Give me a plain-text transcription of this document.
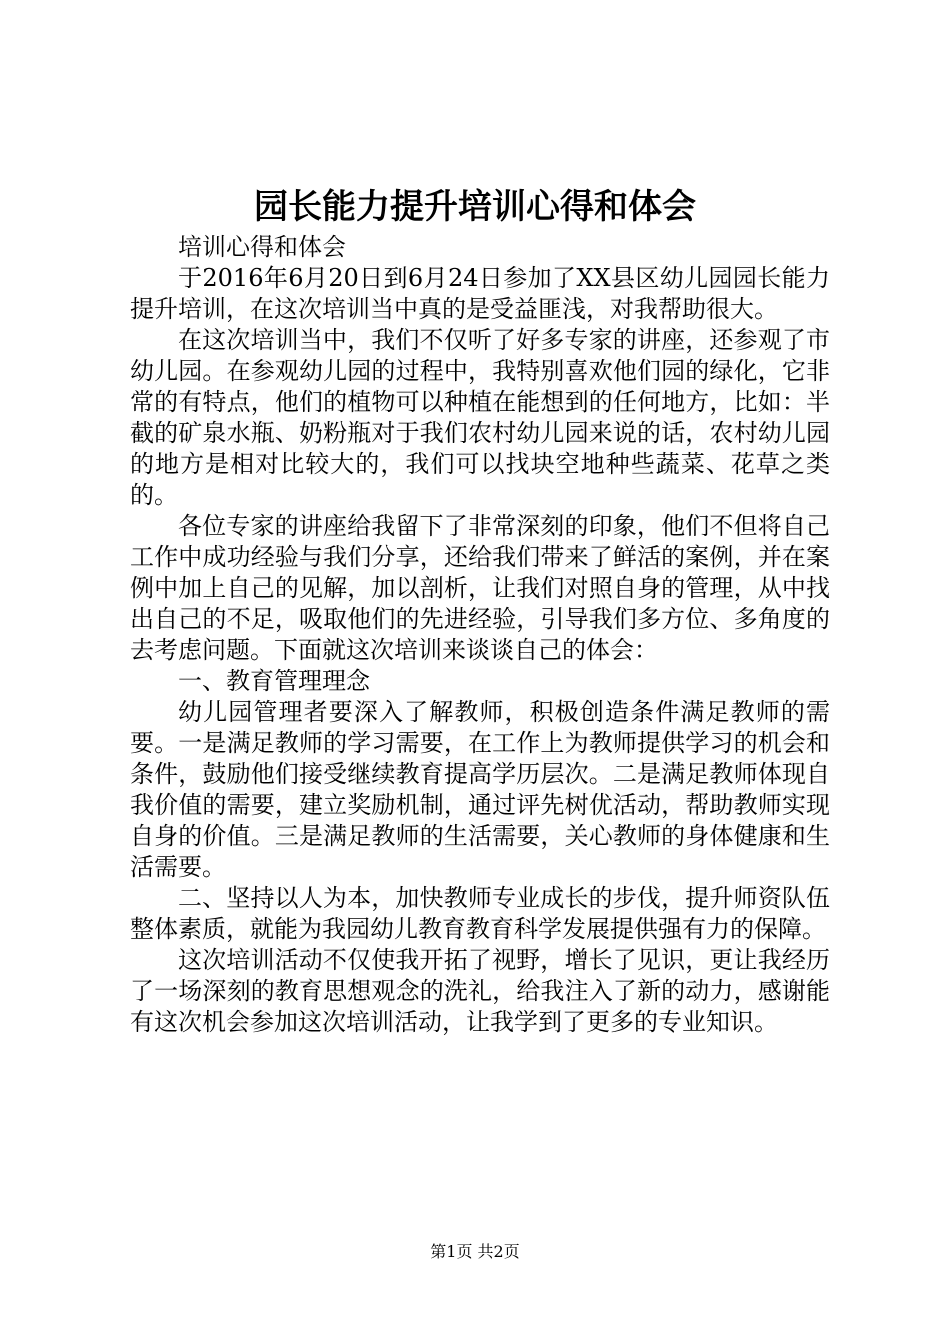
园长能力提升培训心得和体会

培训心得和体会

于2016年6月20日到6月24日参加了XX县区幼儿园园长能力提升培训，在这次培训当中真的是受益匪浅，对我帮助很大。

在这次培训当中，我们不仅听了好多专家的讲座，还参观了市幼儿园。在参观幼儿园的过程中，我特别喜欢他们园的绿化，它非常的有特点，他们的植物可以种植在能想到的任何地方，比如：半截的矿泉水瓶、奶粉瓶对于我们农村幼儿园来说的话，农村幼儿园的地方是相对比较大的，我们可以找块空地种些蔬菜、花草之类的。

各位专家的讲座给我留下了非常深刻的印象，他们不但将自己工作中成功经验与我们分享，还给我们带来了鲜活的案例，并在案例中加上自己的见解，加以剖析，让我们对照自身的管理，从中找出自己的不足，吸取他们的先进经验，引导我们多方位、多角度的去考虑问题。下面就这次培训来谈谈自己的体会：

一、教育管理理念

幼儿园管理者要深入了解教师，积极创造条件满足教师的需要。一是满足教师的学习需要，在工作上为教师提供学习的机会和条件，鼓励他们接受继续教育提高学历层次。二是满足教师体现自我价值的需要，建立奖励机制，通过评先树优活动，帮助教师实现自身的价值。三是满足教师的生活需要，关心教师的身体健康和生活需要。

二、坚持以人为本，加快教师专业成长的步伐，提升师资队伍整体素质，就能为我园幼儿教育教育科学发展提供强有力的保障。

这次培训活动不仅使我开拓了视野，增长了见识，更让我经历了一场深刻的教育思想观念的洗礼，给我注入了新的动力，感谢能有这次机会参加这次培训活动，让我学到了更多的专业知识。

第1页 共2页
